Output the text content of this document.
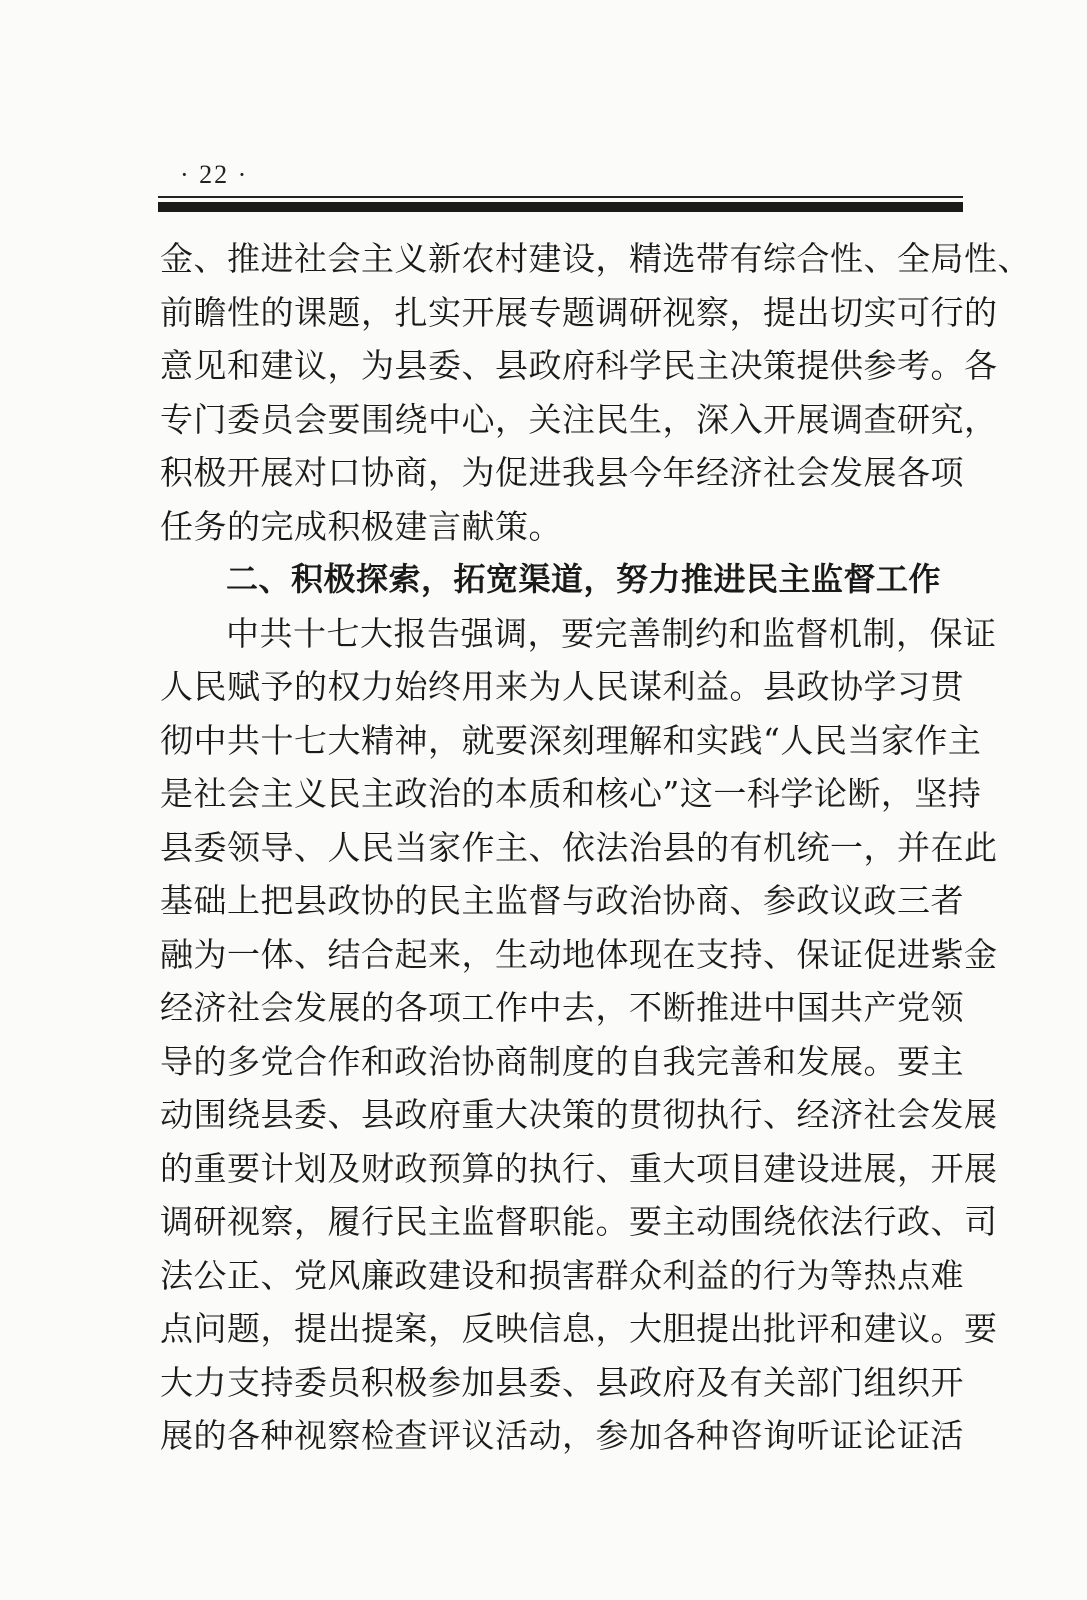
· 22 ·
金、推进社会主义新农村建设，精选带有综合性、全局性、
前瞻性的课题，扎实开展专题调研视察，提出切实可行的
意见和建议，为县委、县政府科学民主决策提供参考。各
专门委员会要围绕中心，关注民生，深入开展调查研究，
积极开展对口协商，为促进我县今年经济社会发展各项
任务的完成积极建言献策。
二、积极探索，拓宽渠道，努力推进民主监督工作
中共十七大报告强调，要完善制约和监督机制，保证
人民赋予的权力始终用来为人民谋利益。县政协学习贯
彻中共十七大精神，就要深刻理解和实践“人民当家作主
是社会主义民主政治的本质和核心”这一科学论断，坚持
县委领导、人民当家作主、依法治县的有机统一，并在此
基础上把县政协的民主监督与政治协商、参政议政三者
融为一体、结合起来，生动地体现在支持、保证促进紫金
经济社会发展的各项工作中去，不断推进中国共产党领
导的多党合作和政治协商制度的自我完善和发展。要主
动围绕县委、县政府重大决策的贯彻执行、经济社会发展
的重要计划及财政预算的执行、重大项目建设进展，开展
调研视察，履行民主监督职能。要主动围绕依法行政、司
法公正、党风廉政建设和损害群众利益的行为等热点难
点问题，提出提案，反映信息，大胆提出批评和建议。要
大力支持委员积极参加县委、县政府及有关部门组织开
展的各种视察检查评议活动，参加各种咨询听证论证活
